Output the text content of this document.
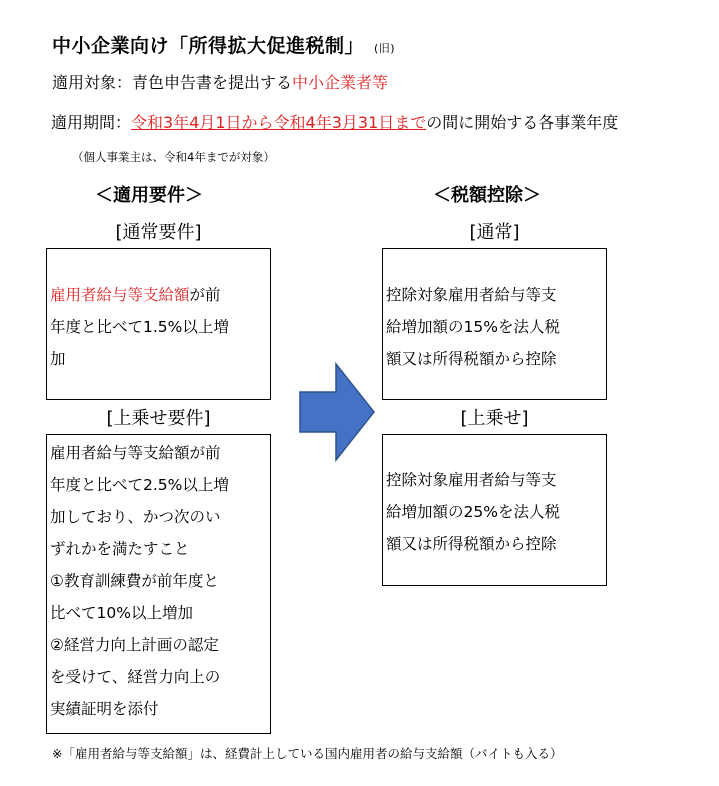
中小企業向け「所得拡大促進税制」 (旧)
適用対象：青色申告書を提出する中小企業者等
適用期間：令和3年4月1日から令和4年3月31日までの間に開始する各事業年度
（個人事業主は、令和4年までが対象）
＜適用要件＞	＜税額控除＞
[通常要件]	[通常]

雇用者給与等支給額が前

年度と比べて1.5%以上増

加

控除対象雇用者給与等支

給増加額の15%を法人税

額又は所得税額から控除

[上乗せ要件]	[上乗せ]

雇用者給与等支給額が前

年度と比べて2.5%以上増

加しており、かつ次のい

ずれかを満たすこと

①教育訓練費が前年度と

比べて10%以上増加

②経営力向上計画の認定

を受けて、経営力向上の

実績証明を添付

控除対象雇用者給与等支

給増加額の25%を法人税

額又は所得税額から控除

※「雇用者給与等支給額」は、経費計上している国内雇用者の給与支給額（バイトも入る）
